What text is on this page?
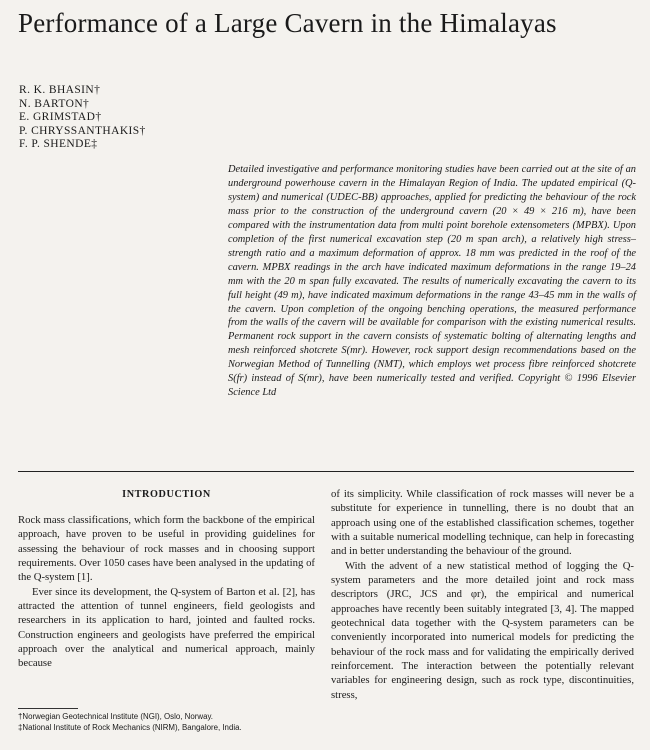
Performance of a Large Cavern in the Himalayas
R. K. BHASIN†
N. BARTON†
E. GRIMSTAD†
P. CHRYSSANTHAKIS†
F. P. SHENDE‡

Detailed investigative and performance monitoring studies have been carried out at the site of an underground powerhouse cavern in the Himalayan Region of India. The updated empirical (Q-system) and numerical (UDEC-BB) approaches, applied for predicting the behaviour of the rock mass prior to the construction of the underground cavern (20 × 49 × 216 m), have been compared with the instrumentation data from multi point borehole extensometers (MPBX). Upon completion of the first numerical excavation step (20 m span arch), a relatively high stress–strength ratio and a maximum deformation of approx. 18 mm was predicted in the roof of the cavern. MPBX readings in the arch have indicated maximum deformations in the range 19–24 mm with the 20 m span fully excavated. The results of numerically excavating the cavern to its full height (49 m), have indicated maximum deformations in the range 43–45 mm in the walls of the cavern. Upon completion of the ongoing benching operations, the measured performance from the walls of the cavern will be available for comparison with the existing numerical results. Permanent rock support in the cavern consists of systematic bolting of alternating lengths and mesh reinforced shotcrete S(mr). However, rock support design recommendations based on the Norwegian Method of Tunnelling (NMT), which employs wet process fibre reinforced shotcrete S(fr) instead of S(mr), have been numerically tested and verified. Copyright © 1996 Elsevier Science Ltd

INTRODUCTION

Rock mass classifications, which form the backbone of the empirical approach, have proven to be useful in providing guidelines for assessing the behaviour of rock masses and in choosing support requirements. Over 1050 cases have been analysed in the updating of the Q-system [1].

Ever since its development, the Q-system of Barton et al. [2], has attracted the attention of tunnel engineers, field geologists and researchers in its application to hard, jointed and faulted rocks. Construction engineers and geologists have preferred the empirical approach over the analytical and numerical approach, mainly because

of its simplicity. While classification of rock masses will never be a substitute for experience in tunnelling, there is no doubt that an approach using one of the established classification schemes, together with a suitable numerical modelling technique, can help in forecasting and in better understanding the behaviour of the ground.

With the advent of a new statistical method of logging the Q-system parameters and the more detailed joint and rock mass descriptors (JRC, JCS and φr), the empirical and numerical approaches have recently been suitably integrated [3, 4]. The mapped geotechnical data together with the Q-system parameters can be conveniently incorporated into numerical models for predicting the behaviour of the rock mass and for validating the empirically derived reinforcement. The interaction between the potentially relevant variables for engineering design, such as rock type, discontinuities, stress,

†Norwegian Geotechnical Institute (NGI), Oslo, Norway.
‡National Institute of Rock Mechanics (NIRM), Bangalore, India.
